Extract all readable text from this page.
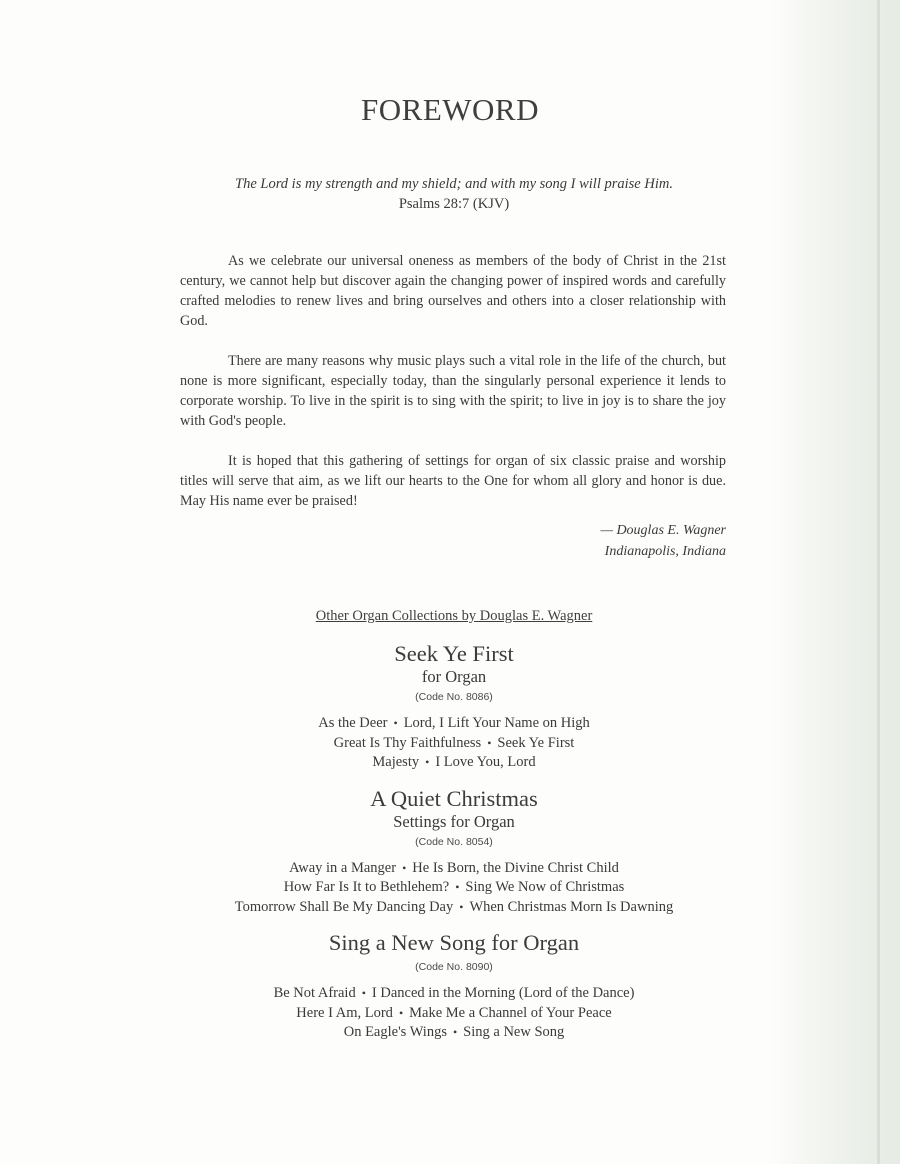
FOREWORD
The Lord is my strength and my shield; and with my song I will praise Him.
Psalms 28:7 (KJV)

As we celebrate our universal oneness as members of the body of Christ in the 21st century, we cannot help but discover again the changing power of inspired words and carefully crafted melodies to renew lives and bring ourselves and others into a closer relationship with God.

There are many reasons why music plays such a vital role in the life of the church, but none is more significant, especially today, than the singularly personal experience it lends to corporate worship. To live in the spirit is to sing with the spirit; to live in joy is to share the joy with God's people.

It is hoped that this gathering of settings for organ of six classic praise and worship titles will serve that aim, as we lift our hearts to the One for whom all glory and honor is due. May His name ever be praised!

— Douglas E. Wagner
Indianapolis, Indiana
Other Organ Collections by Douglas E. Wagner
Seek Ye First
for Organ
(Code No. 8086)
As the Deer • Lord, I Lift Your Name on High
Great Is Thy Faithfulness • Seek Ye First
Majesty • I Love You, Lord
A Quiet Christmas
Settings for Organ
(Code No. 8054)
Away in a Manger • He Is Born, the Divine Christ Child
How Far Is It to Bethlehem? • Sing We Now of Christmas
Tomorrow Shall Be My Dancing Day • When Christmas Morn Is Dawning
Sing a New Song for Organ
(Code No. 8090)
Be Not Afraid • I Danced in the Morning (Lord of the Dance)
Here I Am, Lord • Make Me a Channel of Your Peace
On Eagle's Wings • Sing a New Song
